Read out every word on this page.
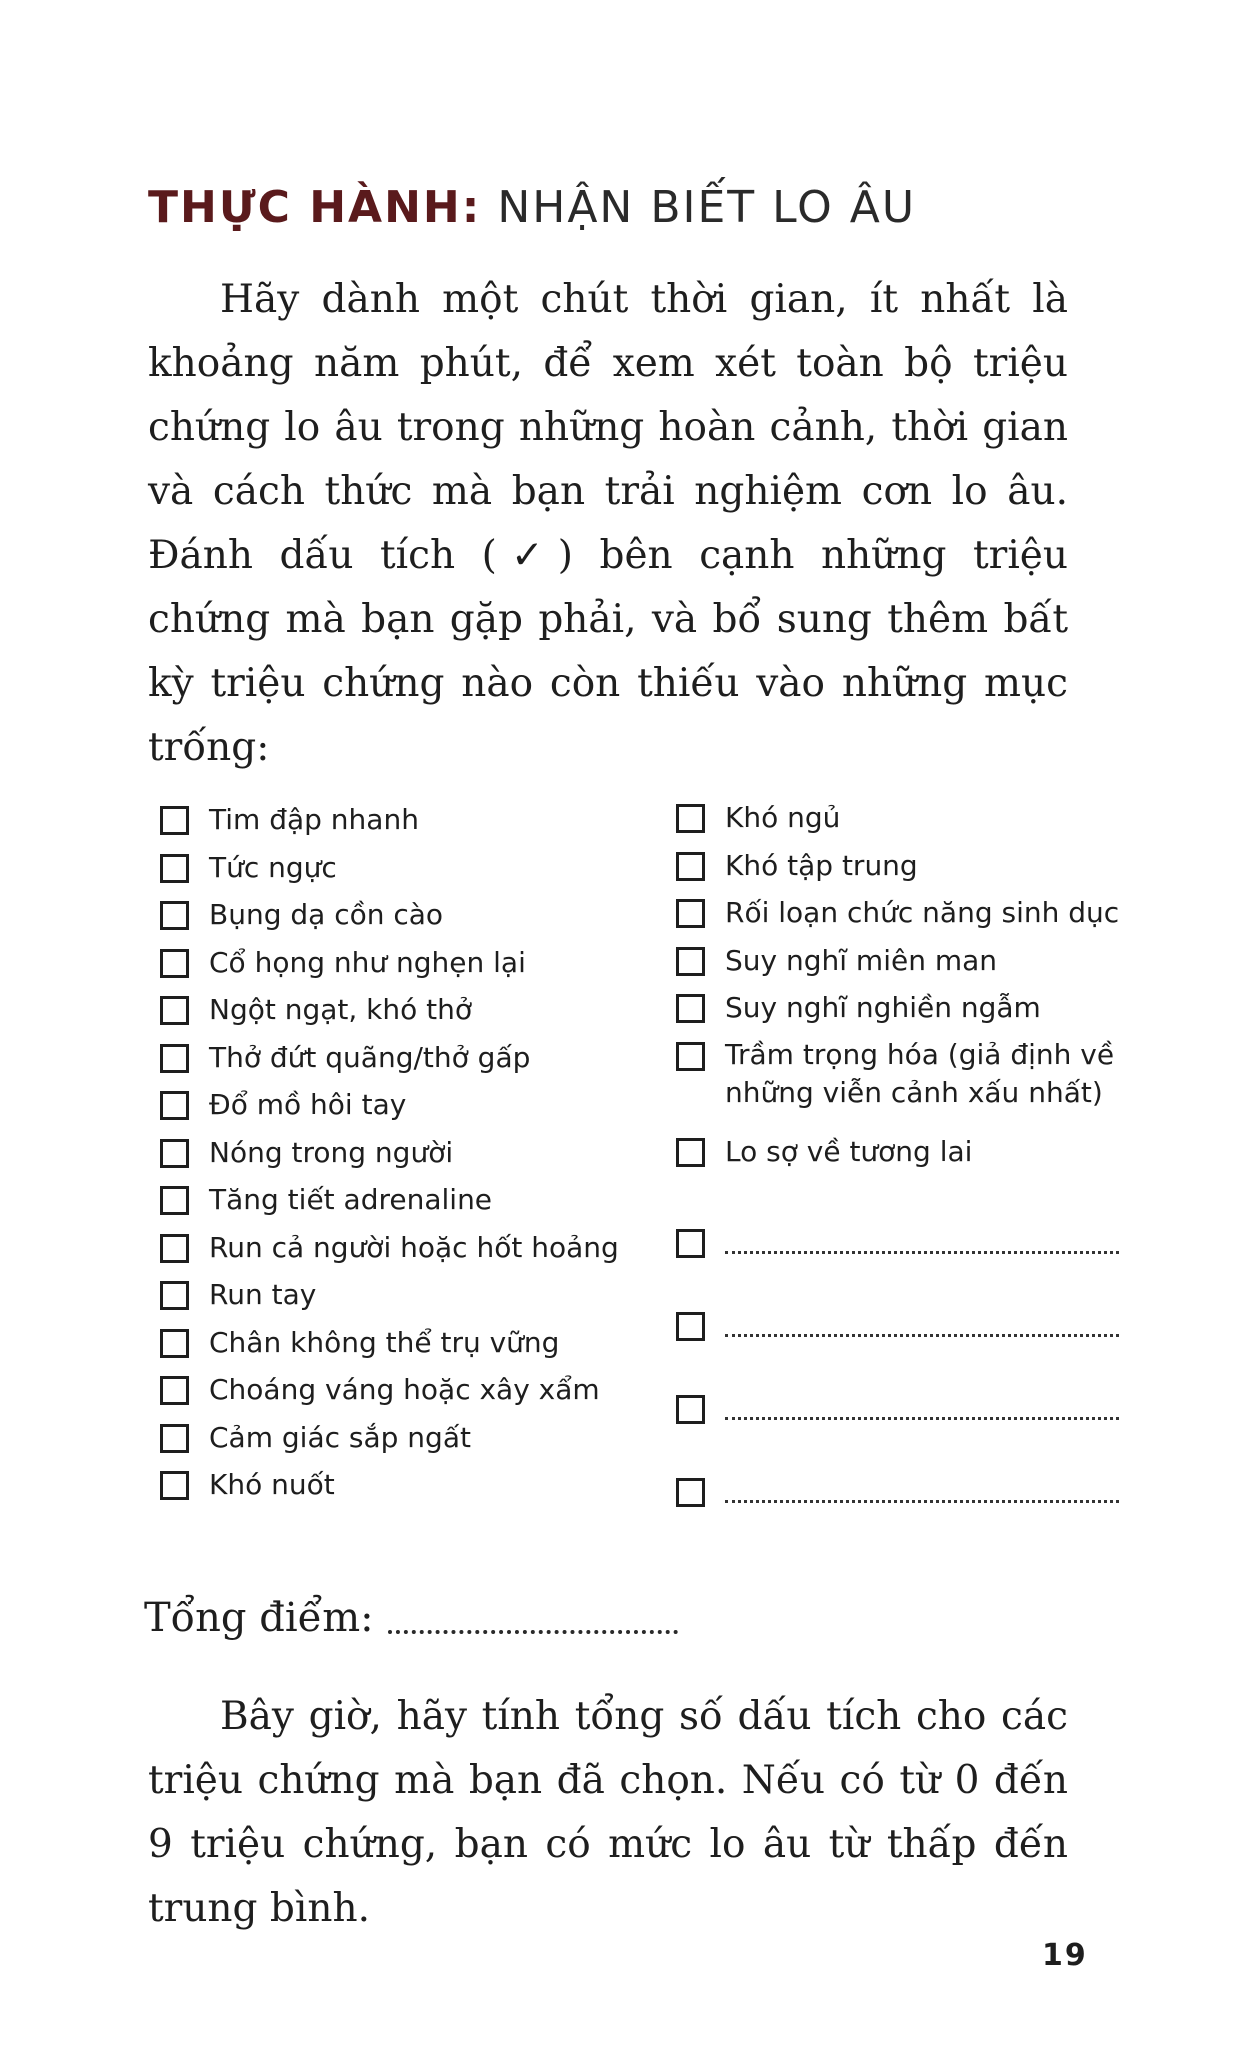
THỰC HÀNH: NHẬN BIẾT LO ÂU

Hãy dành một chút thời gian, ít nhất là khoảng năm phút, để xem xét toàn bộ triệu chứng lo âu trong những hoàn cảnh, thời gian và cách thức mà bạn trải nghiệm cơn lo âu. Đánh dấu tích (✓) bên cạnh những triệu chứng mà bạn gặp phải, và bổ sung thêm bất kỳ triệu chứng nào còn thiếu vào những mục trống:

Tim đập nhanh
Tức ngực
Bụng dạ cồn cào
Cổ họng như nghẹn lại
Ngột ngạt, khó thở
Thở đứt quãng/thở gấp
Đổ mồ hôi tay
Nóng trong người
Tăng tiết adrenaline
Run cả người hoặc hốt hoảng
Run tay
Chân không thể trụ vững
Choáng váng hoặc xây xẩm
Cảm giác sắp ngất
Khó nuốt
Khó ngủ
Khó tập trung
Rối loạn chức năng sinh dục
Suy nghĩ miên man
Suy nghĩ nghiền ngẫm
Trầm trọng hóa (giả định về những viễn cảnh xấu nhất)
Lo sợ về tương lai
Tổng điểm:

Bây giờ, hãy tính tổng số dấu tích cho các triệu chứng mà bạn đã chọn. Nếu có từ 0 đến 9 triệu chứng, bạn có mức lo âu từ thấp đến trung bình.

19
